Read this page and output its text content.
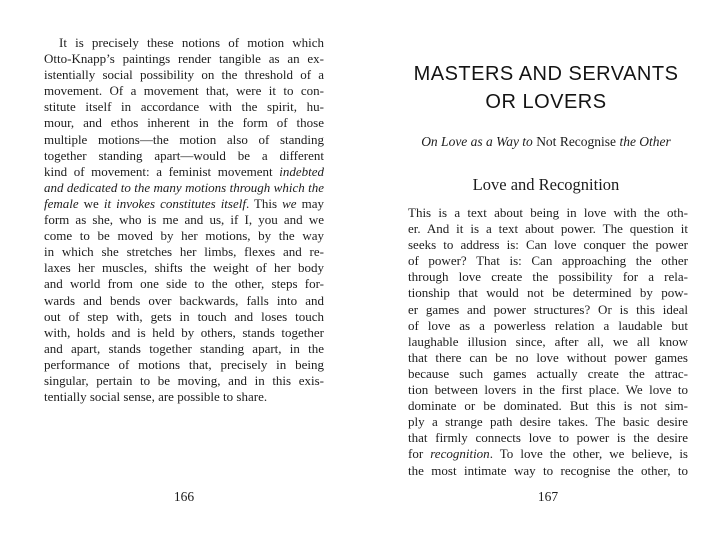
It is precisely these notions of motion which
Otto-Knapp’s paintings render tangible as an ex-
istentially social possibility on the threshold of a
movement. Of a movement that, were it to con-
stitute itself in accordance with the spirit, hu-
mour, and ethos inherent in the form of those
multiple motions—the motion also of standing
together standing apart—would be a different
kind of movement: a feminist movement indebted
and dedicated to the many motions through which the
female we it invokes constitutes itself. This we may
form as she, who is me and us, if I, you and we
come to be moved by her motions, by the way
in which she stretches her limbs, flexes and re-
laxes her muscles, shifts the weight of her body
and world from one side to the other, steps for-
wards and bends over backwards, falls into and
out of step with, gets in touch and loses touch
with, holds and is held by others, stands together
and apart, stands together standing apart, in the
performance of motions that, precisely in being
singular, pertain to be moving, and in this exis-
tentially social sense, are possible to share.
166
MASTERS AND SERVANTS
OR LOVERS
On Love as a Way to Not Recognise the Other
Love and Recognition
This is a text about being in love with the oth-
er. And it is a text about power. The question it
seeks to address is: Can love conquer the power
of power? That is: Can approaching the other
through love create the possibility for a rela-
tionship that would not be determined by pow-
er games and power structures? Or is this ideal
of love as a powerless relation a laudable but
laughable illusion since, after all, we all know
that there can be no love without power games
because such games actually create the attrac-
tion between lovers in the first place. We love to
dominate or be dominated. But this is not sim-
ply a strange path desire takes. The basic desire
that firmly connects love to power is the desire
for recognition. To love the other, we believe, is
the most intimate way to recognise the other, to
167
